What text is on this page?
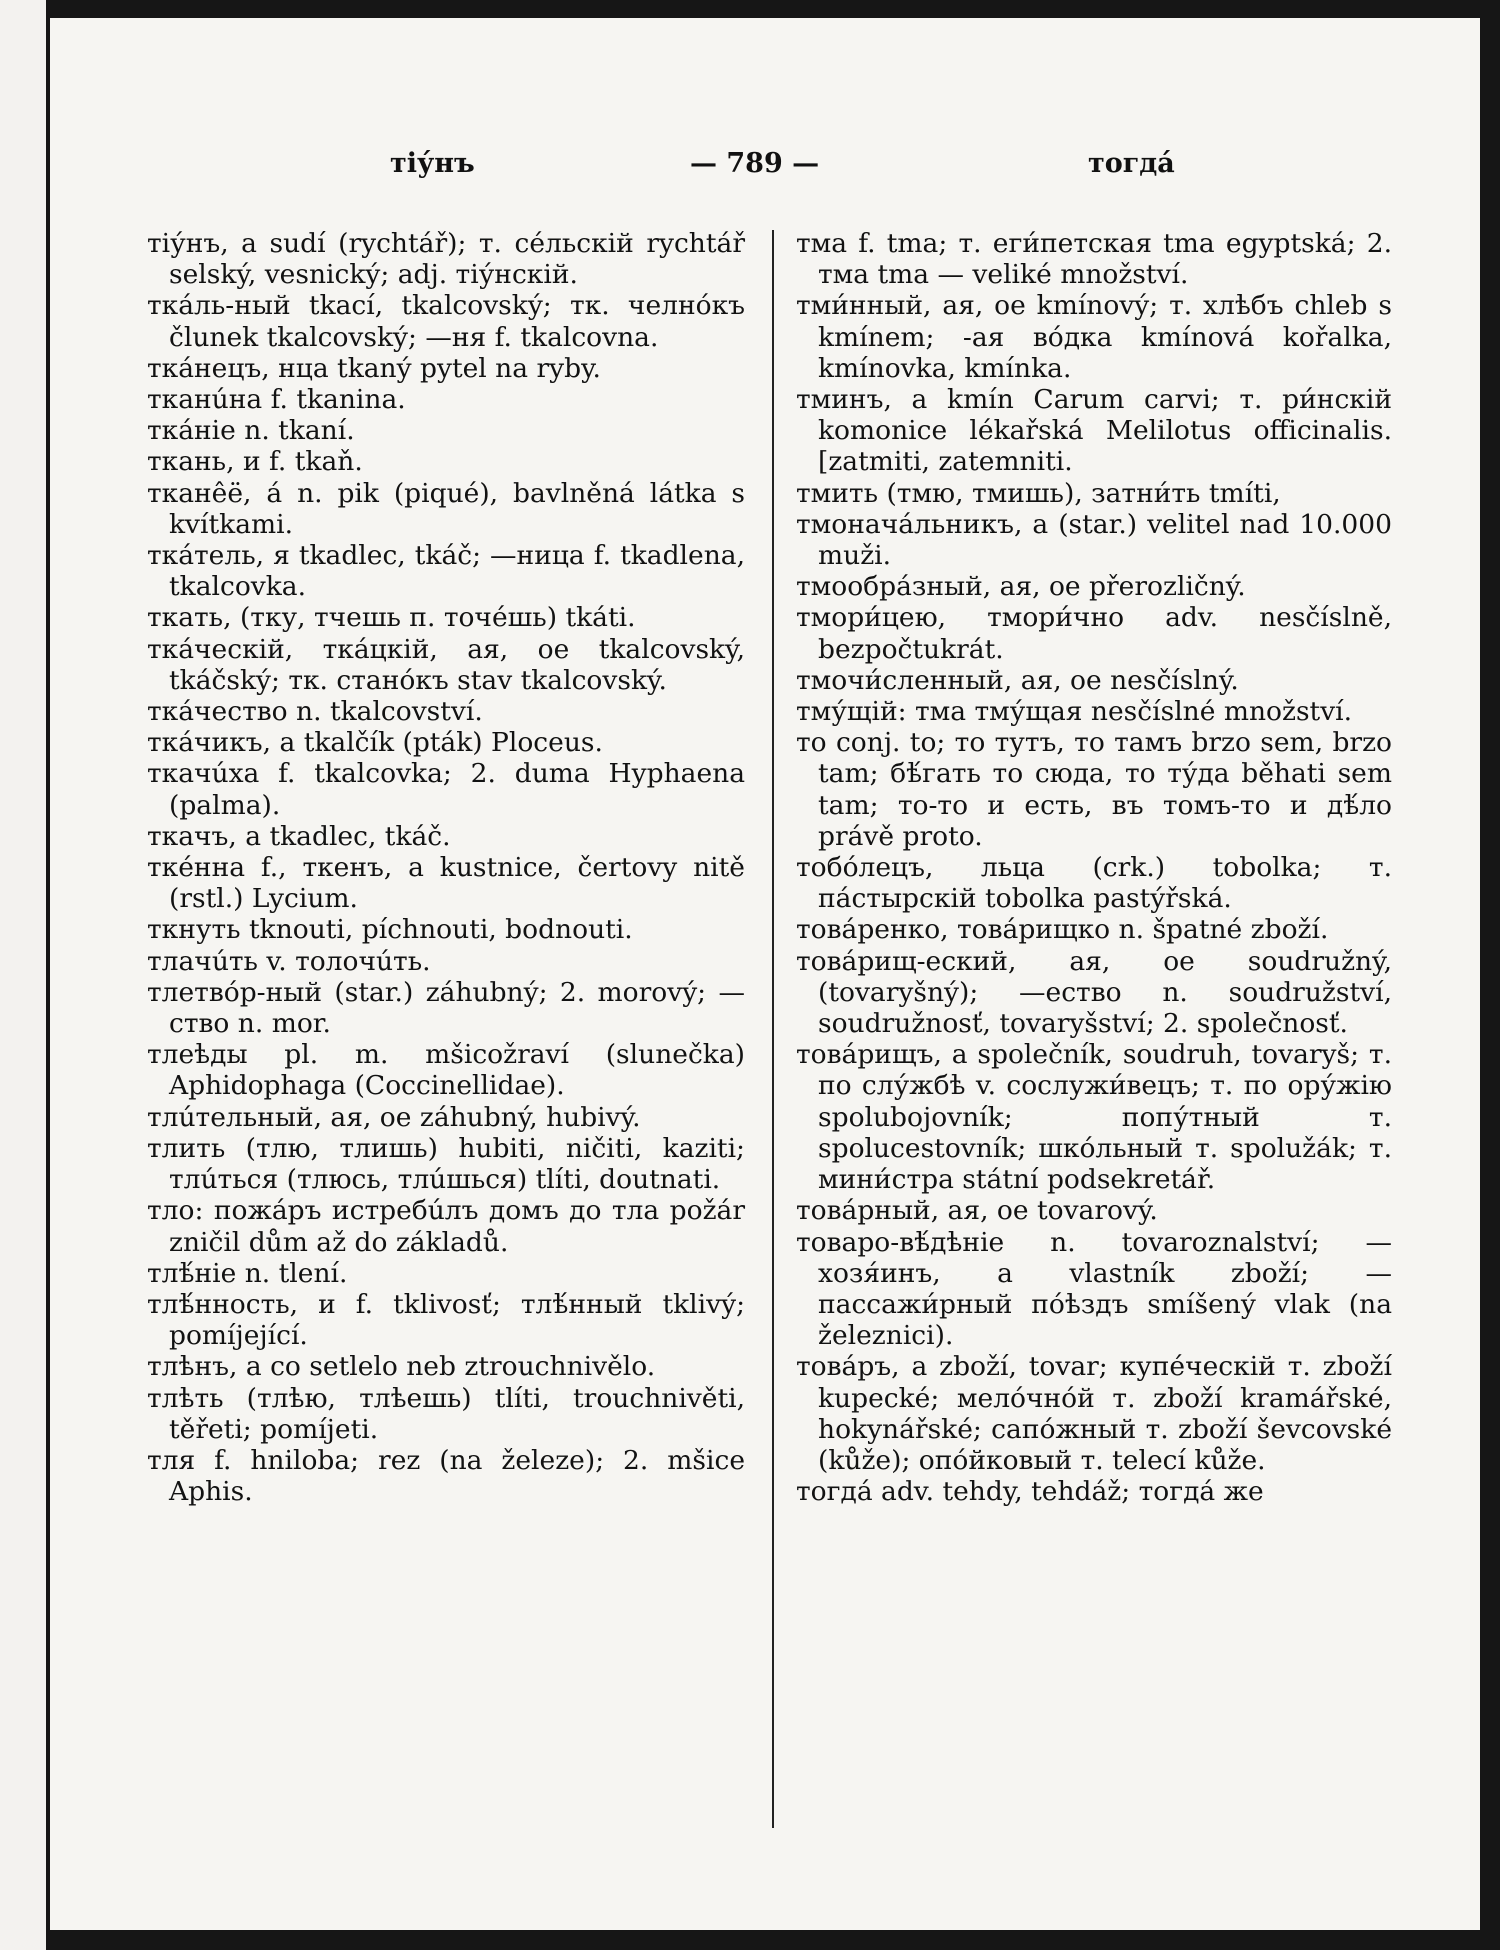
тіу́нъ	— 789 —	тогда́

тіу́нъ, a sudí (rychtář); т. се́льскій rychtář selský, vesnický; adj. тіу́нскій.

тка́ль-ный tkací, tkalcovský; тк. челно́къ člunek tkalcovský; —ня f. tkalcovna.

тка́нецъ, нца tkaný pytel na ryby.

тканúна f. tkanina.

тка́ніе n. tkaní.

ткань, и f. tkaň.

ткане̂ё, á n. pik (piqué), bavlněná látka s kvítkami.

тка́тель, я tkadlec, tkáč; —ница f. tkadlena, tkalcovka.

ткать, (тку, тчешь п. точе́шь) tkáti.

тка́ческій, тка́цкій, ая, ое tkalcovský, tkáčský; тк. стано́къ stav tkalcovský.

тка́чество n. tkalcovství.

тка́чикъ, a tkalčík (pták) Ploceus.

ткачúха f. tkalcovka; 2. duma Hyphaena (palma).

ткачъ, a tkadlec, tkáč.

тке́нна f., ткенъ, a kustnice, čertovy nitě (rstl.) Lycium.

ткнуть tknouti, píchnouti, bodnouti.

тлачúть v. толочúть.

тлетво́р-ный (star.) záhubný; 2. morový; —ство n. mor.

тлеѣды pl. m. mšicožraví (slunečka) Aphidophaga (Coccinellidae).

тлúтельный, ая, ое záhubný, hubivý.

тлить (тлю, тлишь) hubiti, ničiti, kaziti; тлúться (тлюсь, тлúшься) tlíti, doutnati.

тло: пожа́ръ истребúлъ домъ до тла požár zničil dům až do základů.

тлѣ́ніе n. tlení.

тлѣ́нность, и f. tklivosť; тлѣ́нный tklivý; pomíjející.

тлѣнъ, a co setlelo neb ztrouchnivělo.

тлѣть (тлѣю, тлѣешь) tlíti, trouchnivěti, těřeti; pomíjeti.

тля f. hniloba; rez (na železe); 2. mšice Aphis.

тма f. tma; т. еги́петская tma egyptská; 2. тма tma — veliké množství.

тми́нный, ая, ое kmínový; т. хлѣбъ chleb s kmínem; -ая во́дка kmínová kořalka, kmínovka, kmínka.

тминъ, a kmín Carum carvi; т. ри́нскій komonice lékařská Melilotus officinalis. [zatmiti, zatemniti.

тмить (тмю, тмишь), затни́ть tmíti,

тмонача́льникъ, a (star.) velitel nad 10.000 muži.

тмообра́зный, ая, ое přerozličný.

тмори́цею, тмори́чно adv. nesčíslně, bezpočtukrát.

тмочи́сленный, ая, ое nesčíslný.

тму́щій: тма тму́щая nesčíslné množství.

то conj. to; то тутъ, то тамъ brzo sem, brzo tam; бѣ́гать то сюда, то ту́да běhati sem tam; то-то и есть, въ томъ-то и дѣ́ло právě proto.

тобо́лецъ, льца (crk.) tobolka; т. па́стырскій tobolka pastýřská.

това́ренко, това́рищко n. špatné zboží.

това́рищ-еский, ая, ое soudružný, (tovaryšný); —ество n. soudružství, soudružnosť, tovaryšství; 2. společnosť.

това́рищъ, a společník, soudruh, tovaryš; т. по слу́жбѣ v. сослужи́вецъ; т. по ору́жію spolubojovník; попу́тный т. spolucestovník; шко́льный т. spolužák; т. мини́стра státní podsekretář.

това́рный, ая, ое tovarový.

товаро-вѣ́дѣніе n. tovaroznalství; —хозя́инъ, a vlastník zboží; —пассажи́рный по́ѣздъ smíšený vlak (na železnici).

това́ръ, a zboží, tovar; купе́ческій т. zboží kupecké; мело́чно́й т. zboží kramářské, hokynářské; сапо́жный т. zboží ševcovské (kůže); опо́йковый т. telecí kůže.

тогда́ adv. tehdy, tehdáž; тогда́ же
